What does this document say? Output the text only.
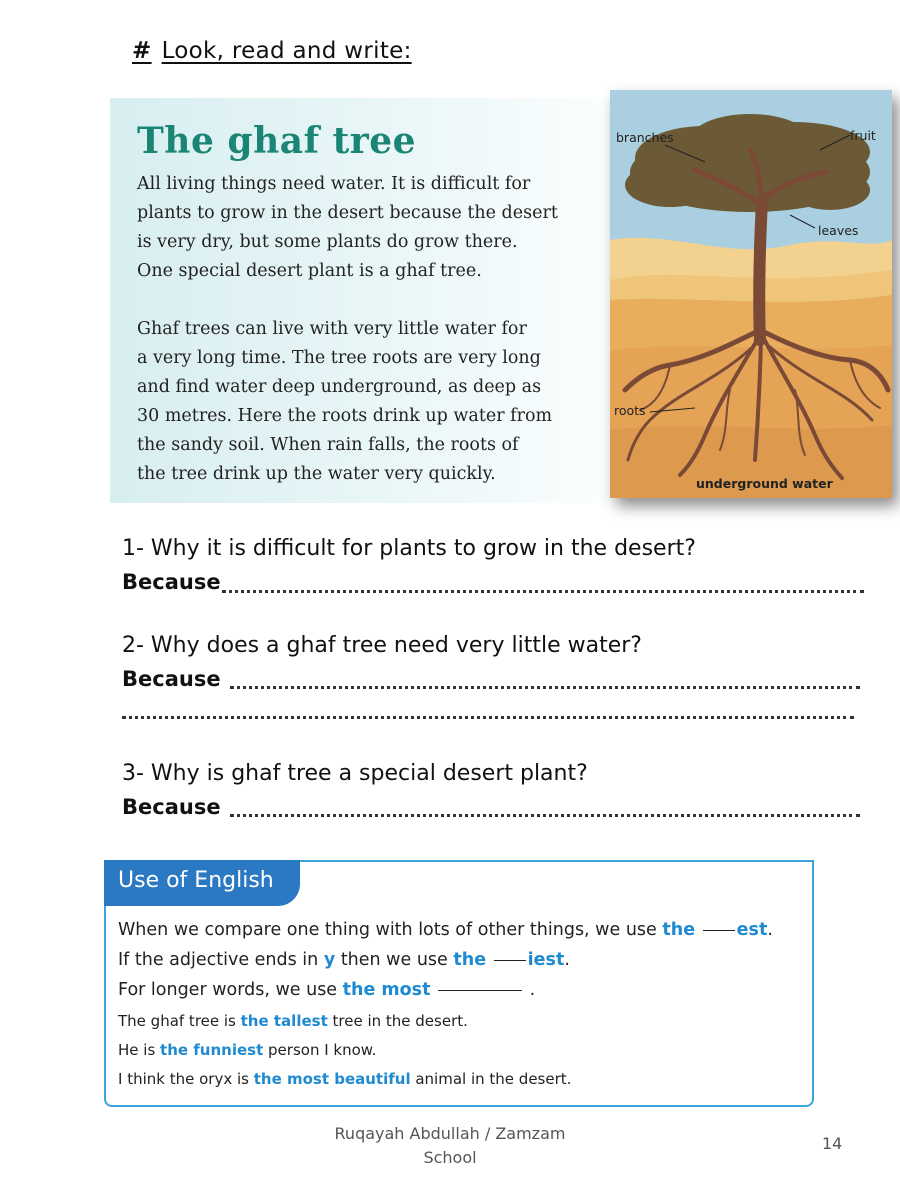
# Look, read and write:
The ghaf tree

All living things need water. It is difficult for
plants to grow in the desert because the desert
is very dry, but some plants do grow there.
One special desert plant is a ghaf tree.

Ghaf trees can live with very little water for
a very long time. The tree roots are very long
and find water deep underground, as deep as
30 metres. Here the roots drink up water from
the sandy soil. When rain falls, the roots of
the tree drink up the water very quickly.

branches	fruit
leaves
roots
underground water
1- Why it is difficult for plants to grow in the desert?
Because
2- Why does a ghaf tree need very little water?
Because
3- Why is ghaf tree a special desert plant?
Because
When we compare one thing with lots of other things, we use the est.
If the adjective ends in y then we use the iest.
For longer words, we use the most	.
The ghaf tree is the tallest tree in the desert.
He is the funniest person I know.
I think the oryx is the most beautiful animal in the desert.
Use of English
Ruqayah Abdullah / Zamzam
School
14
